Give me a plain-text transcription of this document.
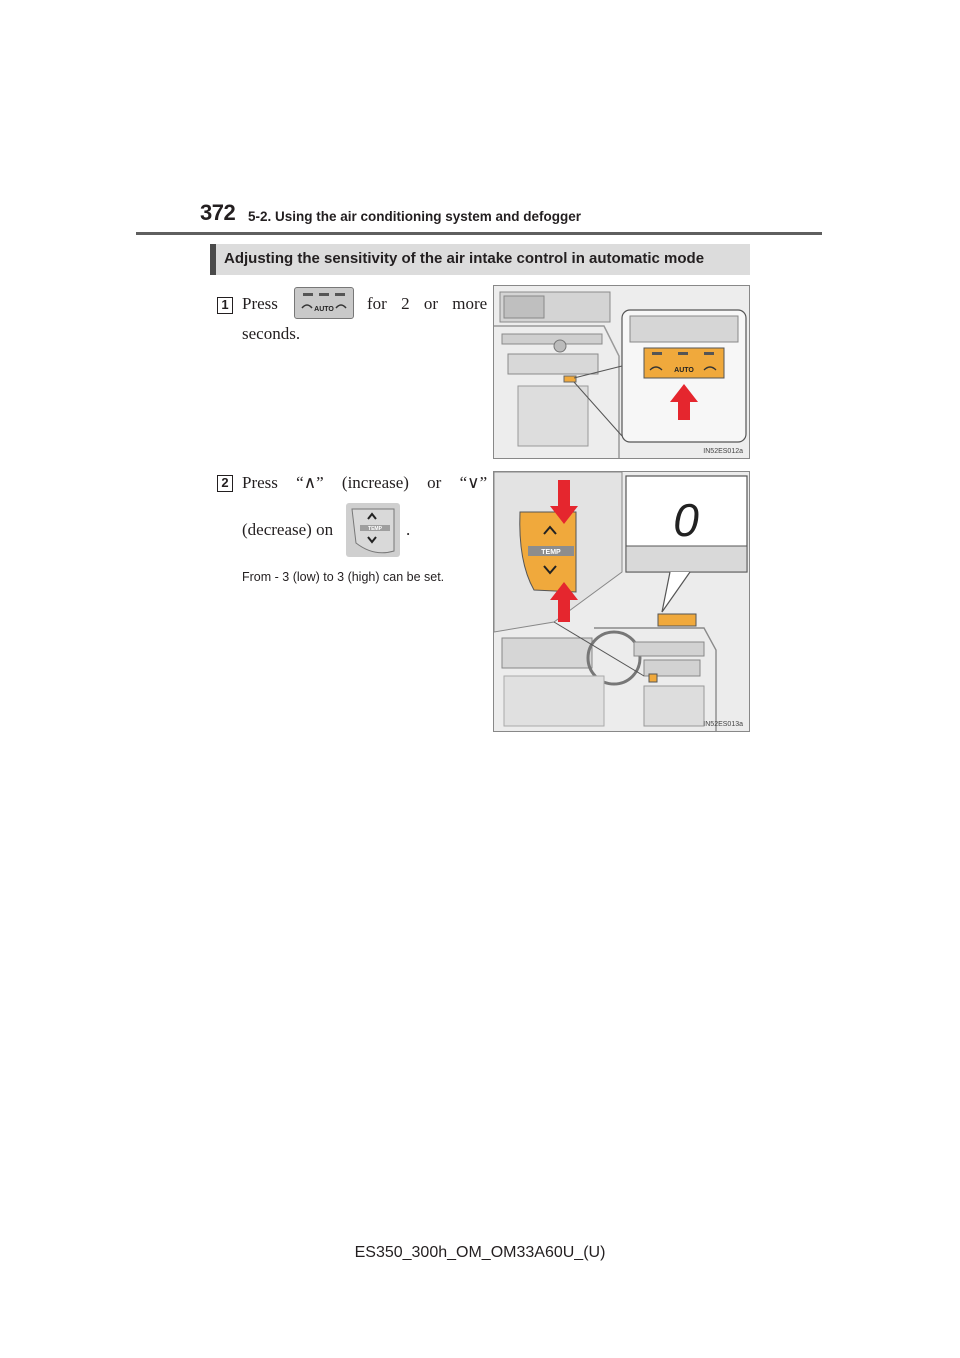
372 5-2. Using the air conditioning system and defogger
Adjusting the sensitivity of the air intake control in automatic mode
1 Press	AUTO for 2 or more
seconds.
AUTO
IN52ES012a
2 Press “∧” (increase) or “∨”
(decrease) on	TEMP .
From - 3 (low) to 3 (high) can be set.
TEMP
0
IN52ES013a
ES350_300h_OM_OM33A60U_(U)
